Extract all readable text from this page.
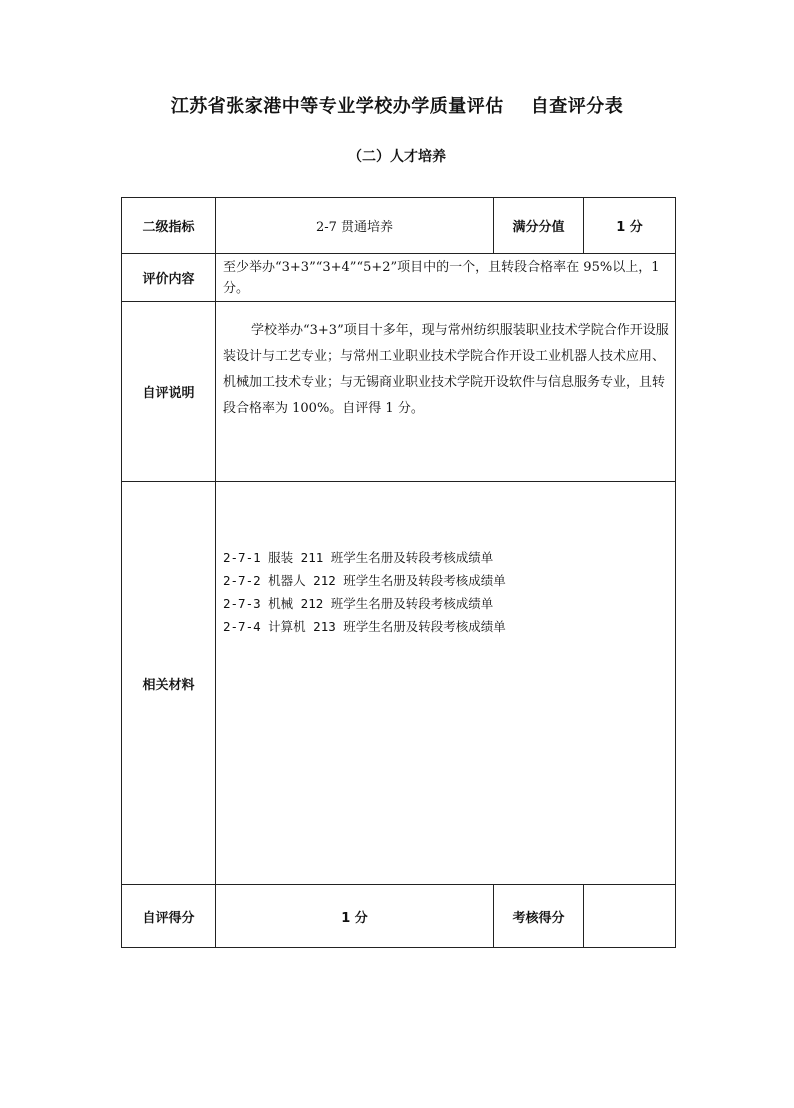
江苏省张家港中等专业学校办学质量评估    自查评分表
（二）人才培养
二级指标	2-7 贯通培养	满分分值	1 分
评价内容	至少举办“3+3”“3+4”“5+2”项目中的一个，且转段合格率在 95%以上，1 分。		
自评说明	学校举办“3+3”项目十多年，现与常州纺织服装职业技术学院合作开设服装设计与工艺专业；与常州工业职业技术学院合作开设工业机器人技术应用、机械加工技术专业；与无锡商业职业技术学院开设软件与信息服务专业，且转段合格率为 100%。自评得 1 分。		
相关材料	2-7-1 服装 211 班学生名册及转段考核成绩单
2-7-2 机器人 212 班学生名册及转段考核成绩单
2-7-3 机械 212 班学生名册及转段考核成绩单
2-7-4 计算机 213 班学生名册及转段考核成绩单		

自评得分	1 分	考核得分	
